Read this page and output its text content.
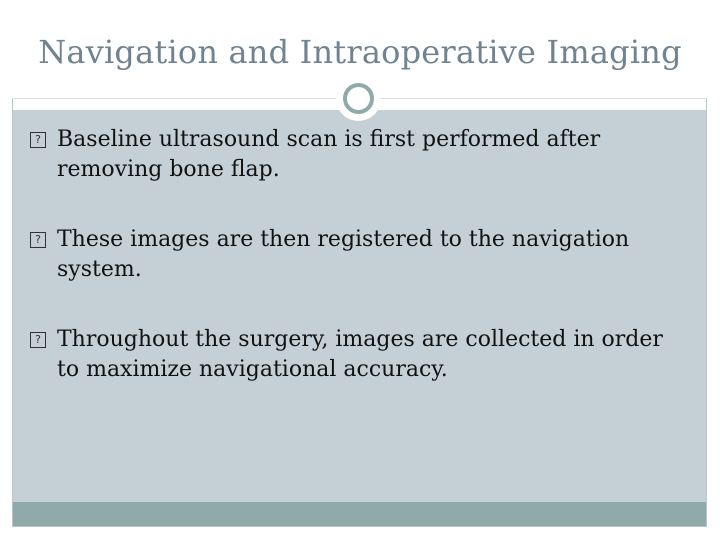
Navigation and Intraoperative Imaging
? Baseline ultrasound scan is first performed after removing bone flap.
? These images are then registered to the navigation system.
? Throughout the surgery, images are collected in order to maximize navigational accuracy.
